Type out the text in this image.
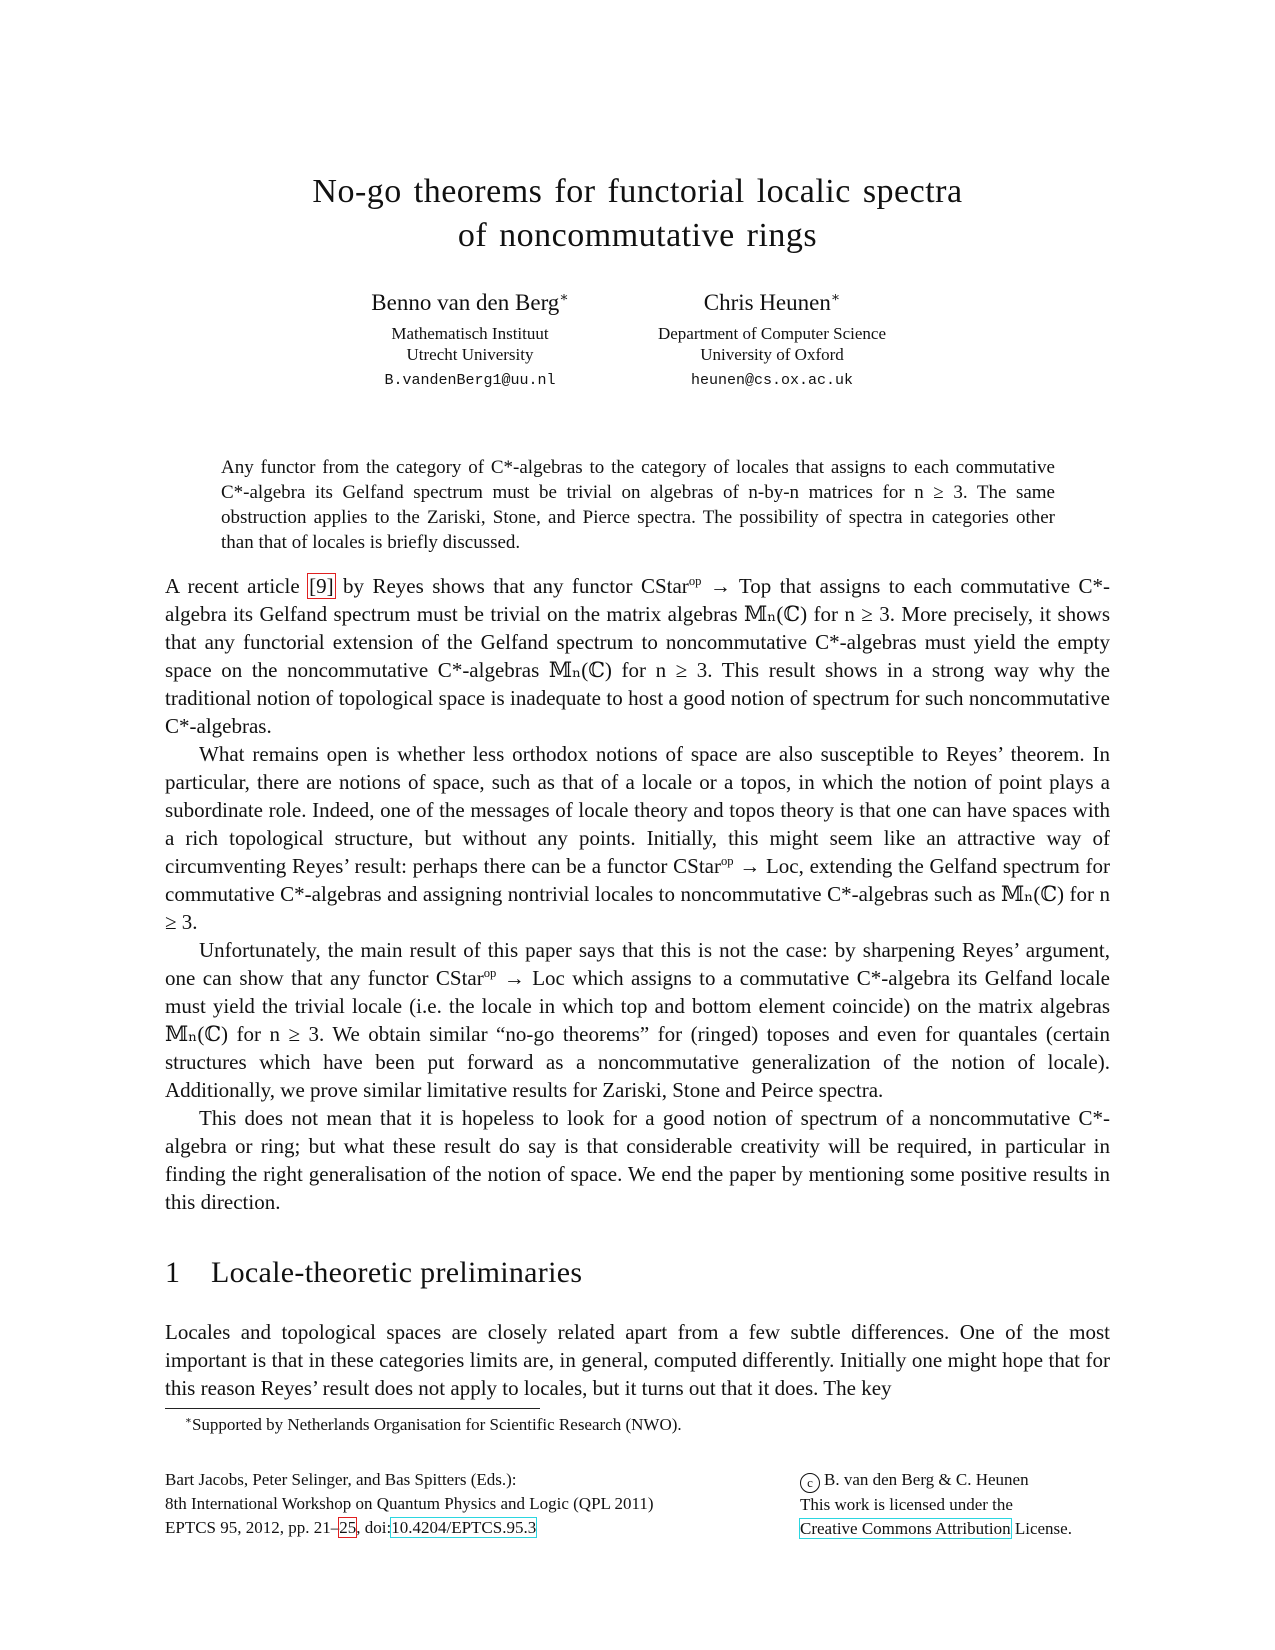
No-go theorems for functorial localic spectra
of noncommutative rings
Benno van den Berg∗
Mathematisch Instituut
Utrecht University
B.vandenBerg1@uu.nl
Chris Heunen∗
Department of Computer Science
University of Oxford
heunen@cs.ox.ac.uk
Any functor from the category of C*-algebras to the category of locales that assigns to each commutative C*-algebra its Gelfand spectrum must be trivial on algebras of n-by-n matrices for n ≥ 3. The same obstruction applies to the Zariski, Stone, and Pierce spectra. The possibility of spectra in categories other than that of locales is briefly discussed.

A recent article [9] by Reyes shows that any functor CStar$^{op}$ → Top that assigns to each commutative C*-algebra its Gelfand spectrum must be trivial on the matrix algebras 𝕄ₙ(ℂ) for n ≥ 3. More precisely, it shows that any functorial extension of the Gelfand spectrum to noncommutative C*-algebras must yield the empty space on the noncommutative C*-algebras 𝕄ₙ(ℂ) for n ≥ 3. This result shows in a strong way why the traditional notion of topological space is inadequate to host a good notion of spectrum for such noncommutative C*-algebras.

What remains open is whether less orthodox notions of space are also susceptible to Reyes’ theorem. In particular, there are notions of space, such as that of a locale or a topos, in which the notion of point plays a subordinate role. Indeed, one of the messages of locale theory and topos theory is that one can have spaces with a rich topological structure, but without any points. Initially, this might seem like an attractive way of circumventing Reyes’ result: perhaps there can be a functor CStar$^{op}$ → Loc, extending the Gelfand spectrum for commutative C*-algebras and assigning nontrivial locales to noncommutative C*-algebras such as 𝕄ₙ(ℂ) for n ≥ 3.

Unfortunately, the main result of this paper says that this is not the case: by sharpening Reyes’ argument, one can show that any functor CStar$^{op}$ → Loc which assigns to a commutative C*-algebra its Gelfand locale must yield the trivial locale (i.e. the locale in which top and bottom element coincide) on the matrix algebras 𝕄ₙ(ℂ) for n ≥ 3. We obtain similar “no-go theorems” for (ringed) toposes and even for quantales (certain structures which have been put forward as a noncommutative generalization of the notion of locale). Additionally, we prove similar limitative results for Zariski, Stone and Peirce spectra.

This does not mean that it is hopeless to look for a good notion of spectrum of a noncommutative C*-algebra or ring; but what these result do say is that considerable creativity will be required, in particular in finding the right generalisation of the notion of space. We end the paper by mentioning some positive results in this direction.

1 Locale-theoretic preliminaries
Locales and topological spaces are closely related apart from a few subtle differences. One of the most important is that in these categories limits are, in general, computed differently. Initially one might hope that for this reason Reyes’ result does not apply to locales, but it turns out that it does. The key
∗Supported by Netherlands Organisation for Scientific Research (NWO).
Bart Jacobs, Peter Selinger, and Bas Spitters (Eds.):
8th International Workshop on Quantum Physics and Logic (QPL 2011)
EPTCS 95, 2012, pp. 21–25, doi:10.4204/EPTCS.95.3
c B. van den Berg & C. Heunen
This work is licensed under the
Creative Commons Attribution License.
